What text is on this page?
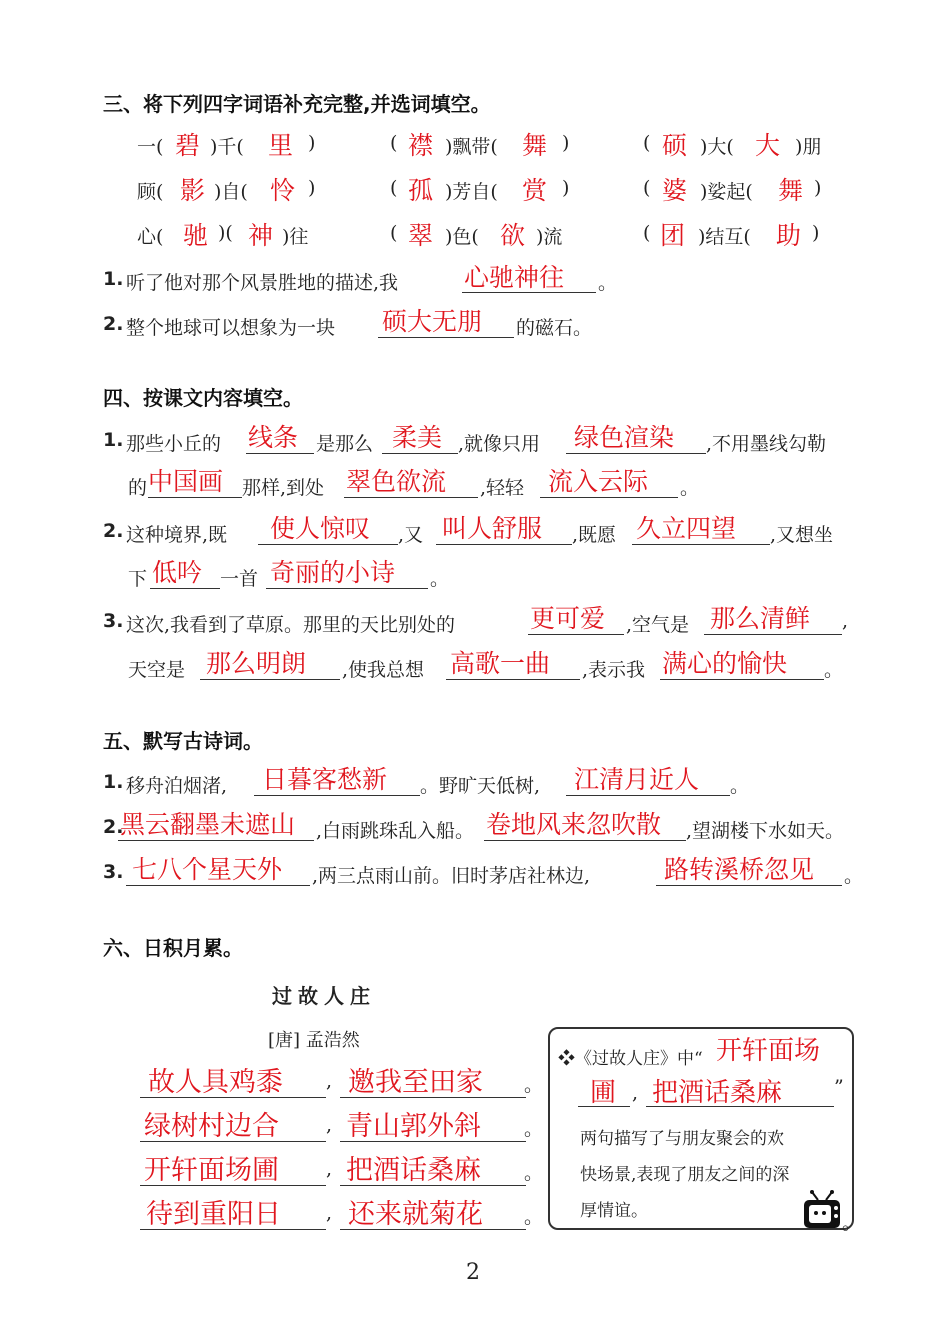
三、将下列四字词语补充完整,并选词填空。
一( 碧 )千( 里 )	( 襟 )飘带( 舞 )	( 硕 )大( 大 )朋
顾( 影 )自( 怜 )	( 孤 )芳自( 赏 )	( 婆 )娑起( 舞 )
心( 驰 )( 神 )往	( 翠 )色( 欲 )流	( 团 )结互( 助 )
1. 听了他对那个风景胜地的描述,我	心驰神往 。
2. 整个地球可以想象为一块 硕大无朋 的磁石。
四、按课文内容填空。
1. 那些小丘的 线条 是那么 柔美 ,就像只用 绿色渲染 ,不用墨线勾勒
的 中国画 那样,到处 翠色欲流 ,轻轻 流入云际 。
2. 这种境界,既 使人惊叹 ,又 叫人舒服 ,既愿 久立四望 ,又想坐
下 低吟 一首 奇丽的小诗 。
3. 这次,我看到了草原。那里的天比别处的	更可爱 ,空气是 那么清鲜 ,
天空是 那么明朗 ,使我总想 高歌一曲 ,表示我 满心的愉快 。
五、默写古诗词。
1. 移舟泊烟渚, 日暮客愁新 。野旷天低树, 江清月近人 。
2.
黑云翻墨未遮山 ,白雨跳珠乱入船。 卷地风来忽吹散 ,望湖楼下水如天。
3. 七八个星天外 ,两三点雨山前。旧时茅店社林边,	路转溪桥忽见 。
六、日积月累。
过故人庄
[唐] 孟浩然
故人具鸡黍 , 邀我至田家 。
绿树村边合 , 青山郭外斜 。
开轩面场圃 , 把酒话桑麻 。
待到重阳日 , 还来就菊花 。
❖《过故人庄》中“ 开轩面场
圃 , 把酒话桑麻	”
两句描写了与朋友聚会的欢
快场景,表现了朋友之间的深
厚情谊。
。
2
